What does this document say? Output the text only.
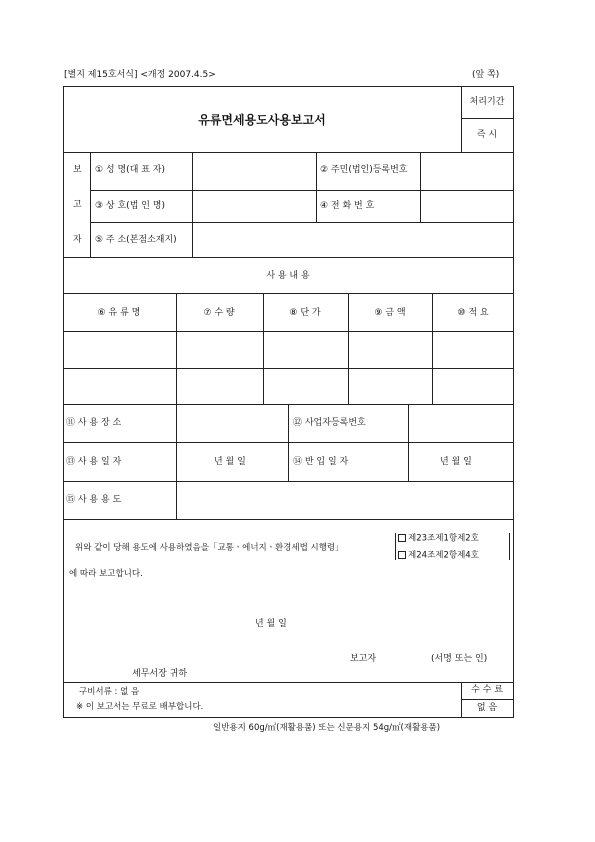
[별지 제15호서식] <개정 2007.4.5>	(앞 쪽)
유류면세용도사용보고서
처리기간
즉 시
보
고
자
① 성 명(대 표 자)	② 주민(법인)등록번호
③ 상 호(법 인 명)	④ 전 화 번 호
⑤ 주 소(본점소재지)
사 용 내 용
⑥ 유 류 명	⑦ 수 량	⑧ 단 가	⑨ 금 액	⑩ 적 요
⑪ 사 용 장 소	⑫ 사업자등록번호
⑬ 사 용 일 자	년 월 일	⑭ 반 입 일 자	년 월 일
⑮ 사 용 용 도
위와 같이 당해 용도에 사용하였음을「교통ㆍ에너지ㆍ환경세법 시행령」
제23조제1항제2호
제24조제2항제4호
에 따라 보고합니다.
년 월 일
보고자	(서명 또는 인)
세무서장 귀하
구비서류 : 없 음
※ 이 보고서는 무료로 배부합니다.
수 수 료
없 음
일반용지 60g/㎡(재활용품) 또는 신문용지 54g/㎡(재활용품)
